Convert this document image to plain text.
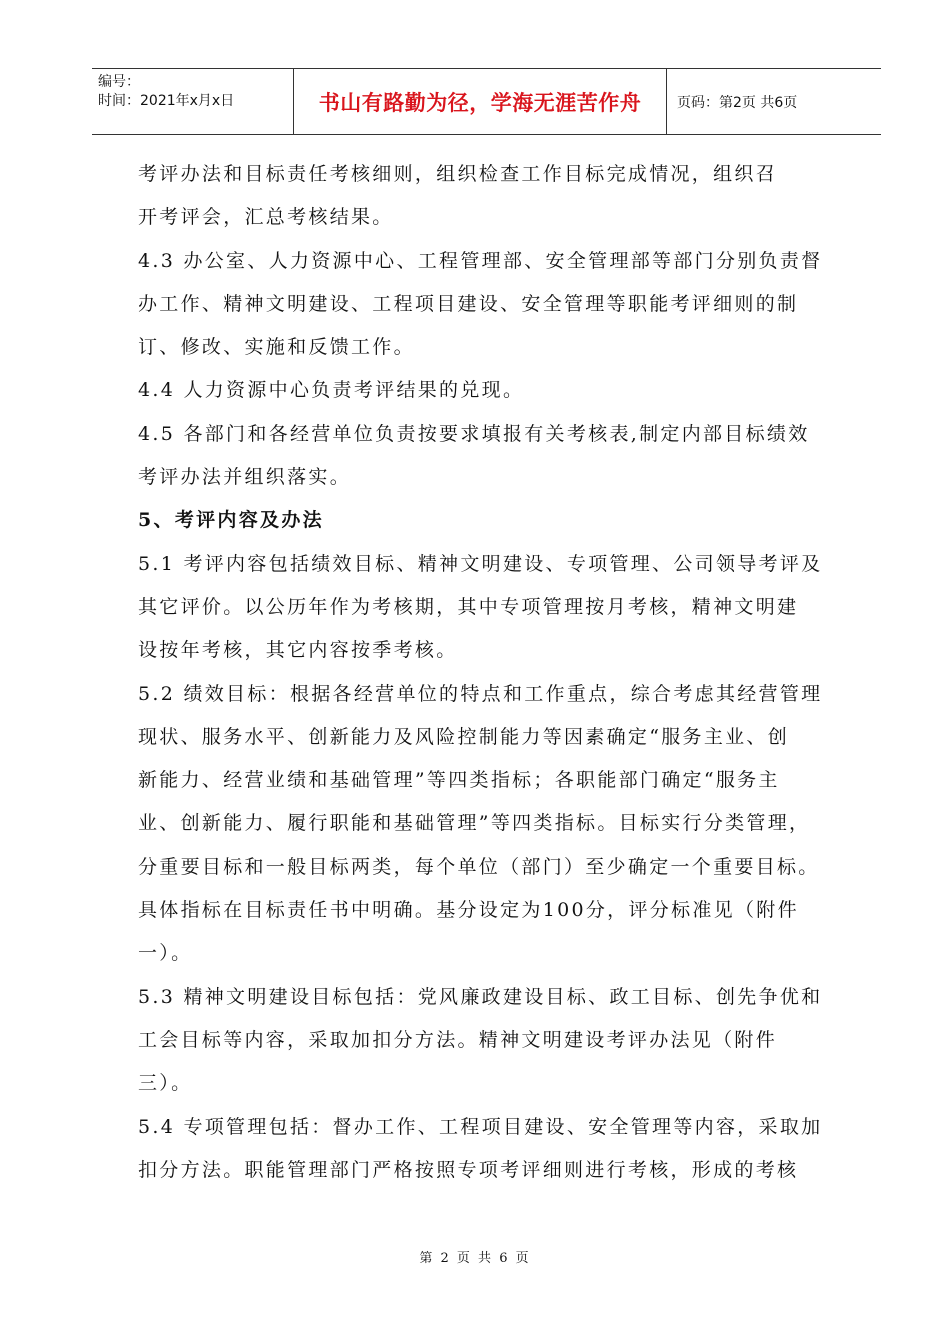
编号：
时间：2021年x月x日	书山有路勤为径，学海无涯苦作舟	页码：第2页 共6页

考评办法和目标责任考核细则，组织检查工作目标完成情况，组织召

开考评会，汇总考核结果。

4.3 办公室、人力资源中心、工程管理部、安全管理部等部门分别负责督

办工作、精神文明建设、工程项目建设、安全管理等职能考评细则的制

订、修改、实施和反馈工作。

4.4 人力资源中心负责考评结果的兑现。

4.5 各部门和各经营单位负责按要求填报有关考核表,制定内部目标绩效

考评办法并组织落实。

5、考评内容及办法

5.1 考评内容包括绩效目标、精神文明建设、专项管理、公司领导考评及

其它评价。以公历年作为考核期，其中专项管理按月考核，精神文明建

设按年考核，其它内容按季考核。

5.2 绩效目标：根据各经营单位的特点和工作重点，综合考虑其经营管理

现状、服务水平、创新能力及风险控制能力等因素确定“服务主业、创

新能力、经营业绩和基础管理”等四类指标；各职能部门确定“服务主

业、创新能力、履行职能和基础管理”等四类指标。目标实行分类管理，

分重要目标和一般目标两类，每个单位（部门）至少确定一个重要目标。

具体指标在目标责任书中明确。基分设定为100分，评分标准见（附件

一）。

5.3 精神文明建设目标包括：党风廉政建设目标、政工目标、创先争优和

工会目标等内容，采取加扣分方法。精神文明建设考评办法见（附件

三）。

5.4 专项管理包括：督办工作、工程项目建设、安全管理等内容，采取加

扣分方法。职能管理部门严格按照专项考评细则进行考核，形成的考核

第 2 页 共 6 页
